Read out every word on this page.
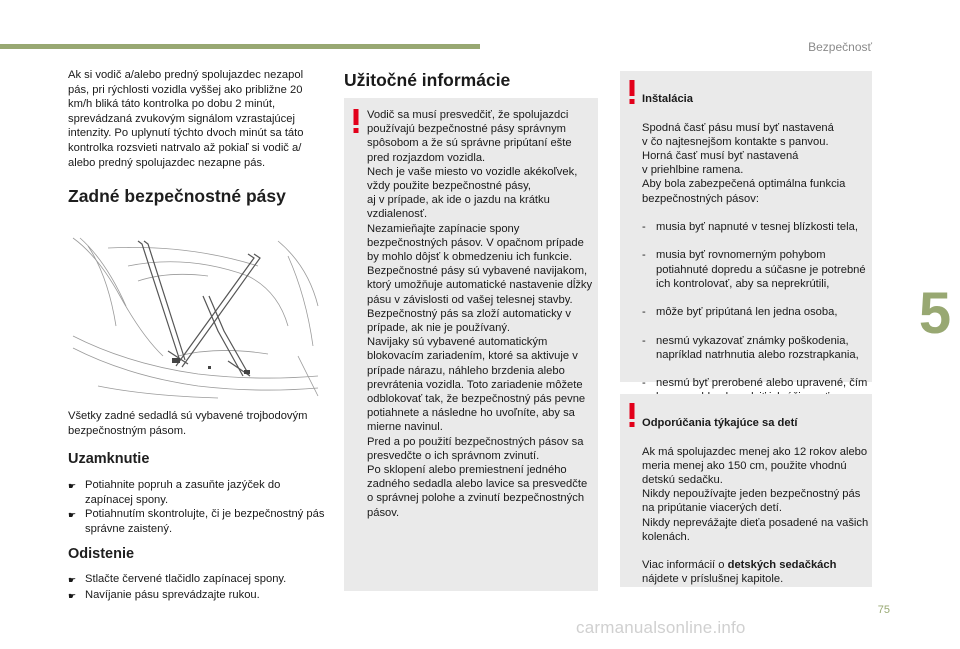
Bezpečnosť
5
75

Ak si vodič a/alebo predný spolujazdec nezapol pás, pri rýchlosti vozidla vyššej ako približne 20 km/h bliká táto kontrolka po dobu 2 minút, sprevádzaná zvukovým signálom vzrastajúcej intenzity. Po uplynutí týchto dvoch minút sa táto kontrolka rozsvieti natrvalo až pokiaľ si vodič a/ alebo predný spolujazdec nezapne pás.

Zadné bezpečnostné pásy
Všetky zadné sedadlá sú vybavené trojbodovým bezpečnostným pásom.
Uzamknutie
☛ Potiahnite popruh a zasuňte jazýček do zapínacej spony.
☛ Potiahnutím skontrolujte, či je bezpečnostný pás správne zaistený.
Odistenie
☛ Stlačte červené tlačidlo zapínacej spony.
☛ Navíjanie pásu sprevádzajte rukou.
Užitočné informácie
Vodič sa musí presvedčiť, že spolujazdci používajú bezpečnostné pásy správnym spôsobom a že sú správne pripútaní ešte pred rozjazdom vozidla.
Nech je vaše miesto vo vozidle akékoľvek, vždy použite bezpečnostné pásy,
aj v prípade, ak ide o jazdu na krátku vzdialenosť.
Nezamieňajte zapínacie spony bezpečnostných pásov. V opačnom prípade by mohlo dôjsť k obmedzeniu ich funkcie.
Bezpečnostné pásy sú vybavené navijakom, ktorý umožňuje automatické nastavenie dĺžky pásu v závislosti od vašej telesnej stavby. Bezpečnostný pás sa zloží automaticky v prípade, ak nie je používaný.
Navijaky sú vybavené automatickým blokovacím zariadením, ktoré sa aktivuje v prípade nárazu, náhleho brzdenia alebo prevrátenia vozidla. Toto zariadenie môžete odblokovať tak, že bezpečnostný pás pevne potiahnete a následne ho uvoľníte, aby sa mierne navinul.
Pred a po použití bezpečnostných pásov sa presvedčte o ich správnom zvinutí.
Po sklopení alebo premiestnení jedného zadného sedadla alebo lavice sa presvedčte o správnej polohe a zvinutí bezpečnostných pásov.

Inštalácia

Spodná časť pásu musí byť nastavená
v čo najtesnejšom kontakte s panvou.
Horná časť musí byť nastavená
v priehlbine ramena.
Aby bola zabezpečená optimálna funkcia bezpečnostných pásov:

- musia byť napnuté v tesnej blízkosti tela,

- musia byť rovnomerným pohybom potiahnuté dopredu a súčasne je potrebné ich kontrolovať, aby sa neprekrútili,

- môže byť pripútaná len jedna osoba,

- nesmú vykazovať známky poškodenia, napríklad natrhnutia alebo rozstrapkania,

- nesmú byť prerobené alebo upravené, čím

Odporúčania týkajúce sa detí

Ak má spolujazdec menej ako 12 rokov alebo meria menej ako 150 cm, použite vhodnú detskú sedačku.
Nikdy nepoužívajte jeden bezpečnostný pás na pripútanie viacerých detí.
Nikdy neprevážajte dieťa posadené na vašich kolenách.

Viac informácií o detských sedačkách
nájdete v príslušnej kapitole.

carmanualsonline.info
